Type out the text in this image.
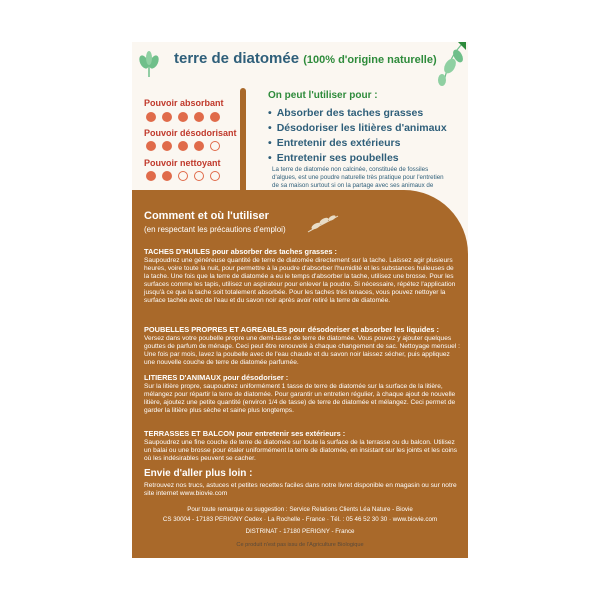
terre de diatomée (100% d'origine naturelle)
Pouvoir absorbant
Pouvoir désodorisant
Pouvoir nettoyant
On peut l'utiliser pour :
• Absorber des taches grasses
• Désodoriser les litières d'animaux
• Entretenir des extérieurs
• Entretenir ses poubelles
La terre de diatomée non calcinée, constituée de fossiles d'algues, est une poudre naturelle très pratique pour l'entretien de sa maison surtout si on la partage avec ses animaux de
Comment et où l'utiliser
(en respectant les précautions d'emploi)
TACHES D'HUILES pour absorber des taches grasses :
Saupoudrez une généreuse quantité de terre de diatomée directement sur la tache. Laissez agir plusieurs heures, voire toute la nuit, pour permettre à la poudre d'absorber l'humidité et les substances huileuses de la tache. Une fois que la terre de diatomée a eu le temps d'absorber la tache, utilisez une brosse. Pour les surfaces comme les tapis, utilisez un aspirateur pour enlever la poudre. Si nécessaire, répétez l'application jusqu'à ce que la tache soit totalement absorbée. Pour les taches très tenaces, vous pouvez nettoyer la surface tachée avec de l'eau et du savon noir après avoir retiré la terre de diatomée.
POUBELLES PROPRES ET AGREABLES pour désodoriser et absorber les liquides :
Versez dans votre poubelle propre une demi-tasse de terre de diatomée. Vous pouvez y ajouter quelques gouttes de parfum de ménage. Ceci peut être renouvelé à chaque changement de sac. Nettoyage mensuel : Une fois par mois, lavez la poubelle avec de l'eau chaude et du savon noir laissez sécher, puis appliquez une nouvelle couche de terre de diatomée parfumée.
LITIERES D'ANIMAUX pour désodoriser :
Sur la litière propre, saupoudrez uniformément 1 tasse de terre de diatomée sur la surface de la litière, mélangez pour répartir la terre de diatomée. Pour garantir un entretien régulier, à chaque ajout de nouvelle litière, ajoutez une petite quantité (environ 1/4 de tasse) de terre de diatomée et mélangez. Ceci permet de garder la litière plus sèche et saine plus longtemps.
TERRASSES ET BALCON pour entretenir ses extérieurs :
Saupoudrez une fine couche de terre de diatomée sur toute la surface de la terrasse ou du balcon. Utilisez un balai ou une brosse pour étaler uniformément la terre de diatomée, en insistant sur les joints et les coins où les indésirables peuvent se cacher.
Envie d'aller plus loin :
Retrouvez nos trucs, astuces et petites recettes faciles dans notre livret disponible en magasin ou sur notre site internet www.biovie.com
Pour toute remarque ou suggestion : Service Relations Clients Léa Nature - Biovie
CS 30004 - 17183 PERIGNY Cedex · La Rochelle - France · Tél. : 05 46 52 30 30 · www.biovie.com
DISTRINAT - 17180 PERIGNY - France
Ce produit n'est pas issu de l'Agriculture Biologique
